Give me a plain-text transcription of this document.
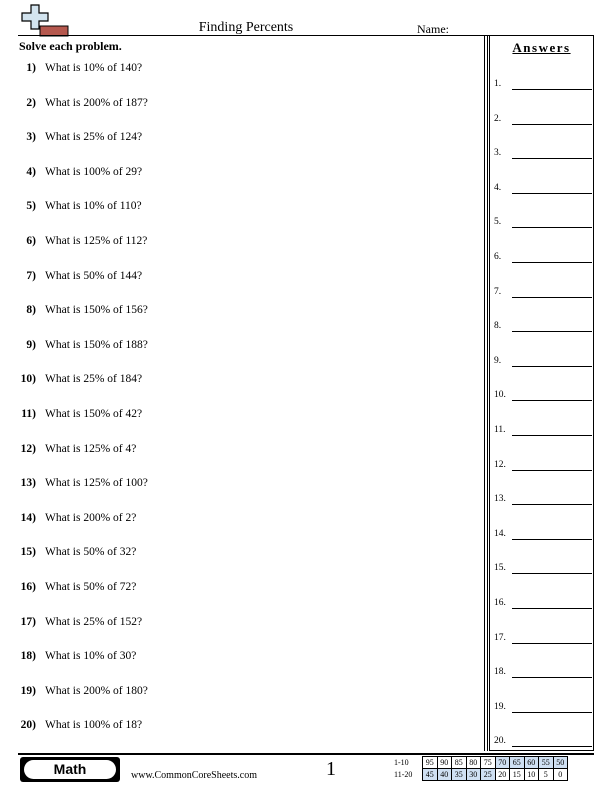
Finding Percents	Name:
Solve each problem.
1) What is 10% of 140?
2) What is 200% of 187?
3) What is 25% of 124?
4) What is 100% of 29?
5) What is 10% of 110?
6) What is 125% of 112?
7) What is 50% of 144?
8) What is 150% of 156?
9) What is 150% of 188?
10) What is 25% of 184?
11) What is 150% of 42?
12) What is 125% of 4?
13) What is 125% of 100?
14) What is 200% of 2?
15) What is 50% of 32?
16) What is 50% of 72?
17) What is 25% of 152?
18) What is 10% of 30?
19) What is 200% of 180?
20) What is 100% of 18?
Answers
1.
2.
3.
4.
5.
6.
7.
8.
9.
10.
11.
12.
13.
14.
15.
16.
17.
18.
19.
20.
Math	www.CommonCoreSheets.com	1	1-10	95	90	85	80	75	70	65	60	55	50
11-20	45	40	35	30	25	20	15	10	5	0
